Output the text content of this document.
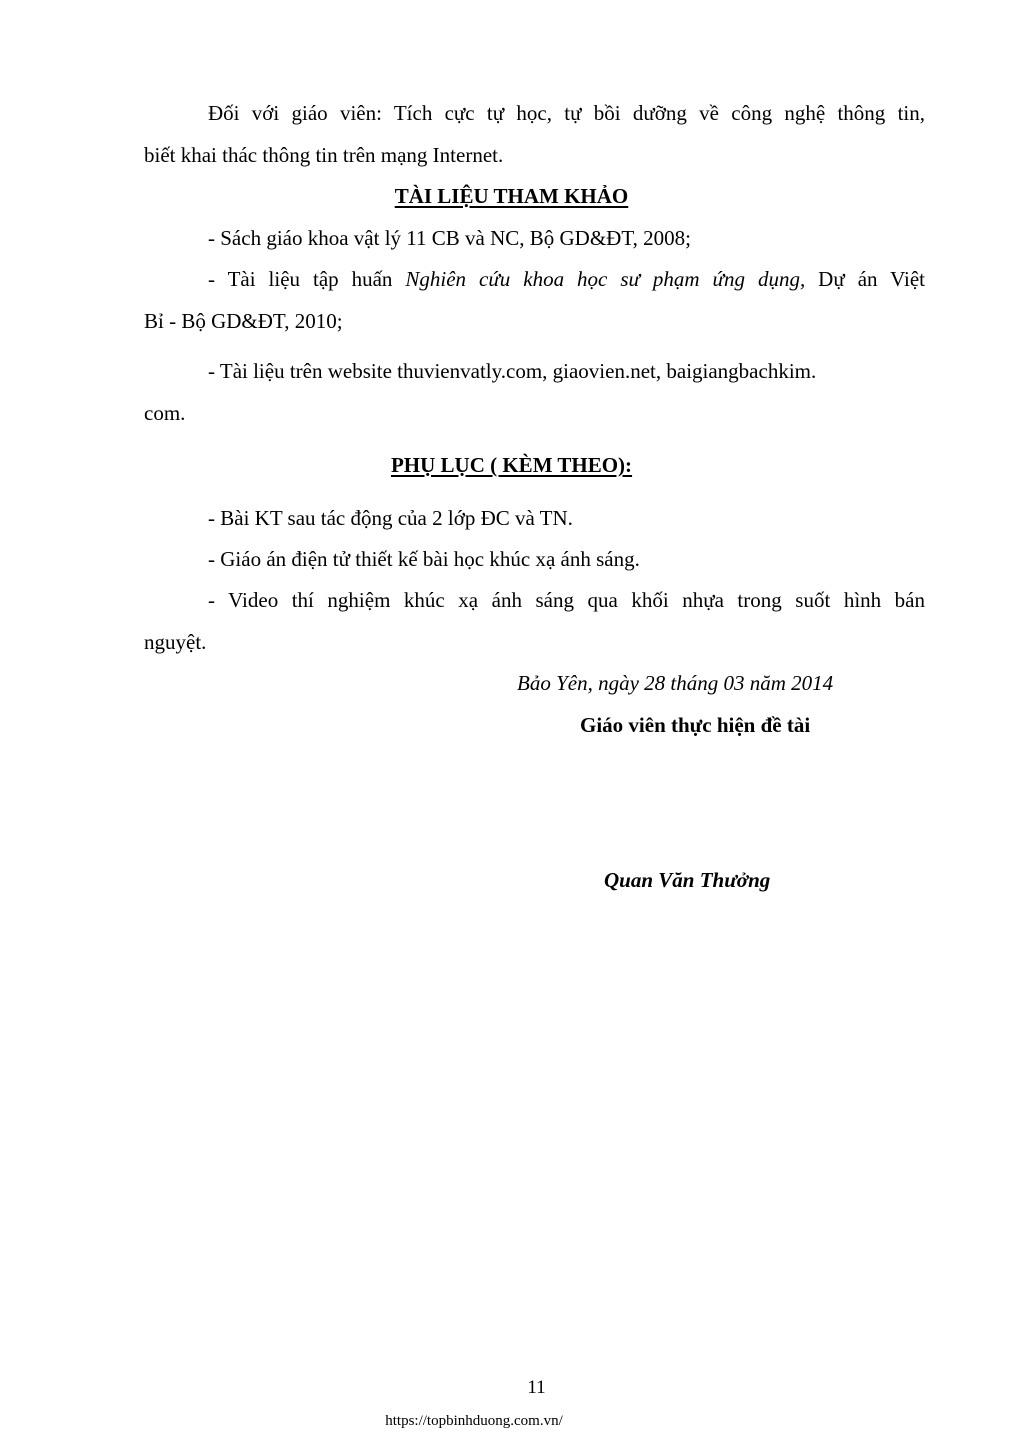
Đối với giáo viên: Tích cực tự học, tự bồi dưỡng về công nghệ thông tin,
biết khai thác thông tin trên mạng Internet.
TÀI LIỆU THAM KHẢO
- Sách giáo khoa vật lý 11 CB và NC, Bộ GD&ĐT, 2008;
- Tài liệu tập huấn Nghiên cứu khoa học sư phạm ứng dụng, Dự án Việt
Bỉ - Bộ GD&ĐT, 2010;
- Tài liệu trên website thuvienvatly.com, giaovien.net, baigiangbachkim.
com.
PHỤ LỤC ( KÈM THEO):
- Bài KT sau tác động của 2 lớp ĐC và TN.
- Giáo án điện tử thiết kế bài học khúc xạ ánh sáng.
- Video thí nghiệm khúc xạ ánh sáng qua khối nhựa trong suốt hình bán
nguyệt.
Bảo Yên, ngày 28 tháng 03 năm 2014
Giáo viên thực hiện đề tài
Quan Văn Thưởng
11
https://topbinhduong.com.vn/
